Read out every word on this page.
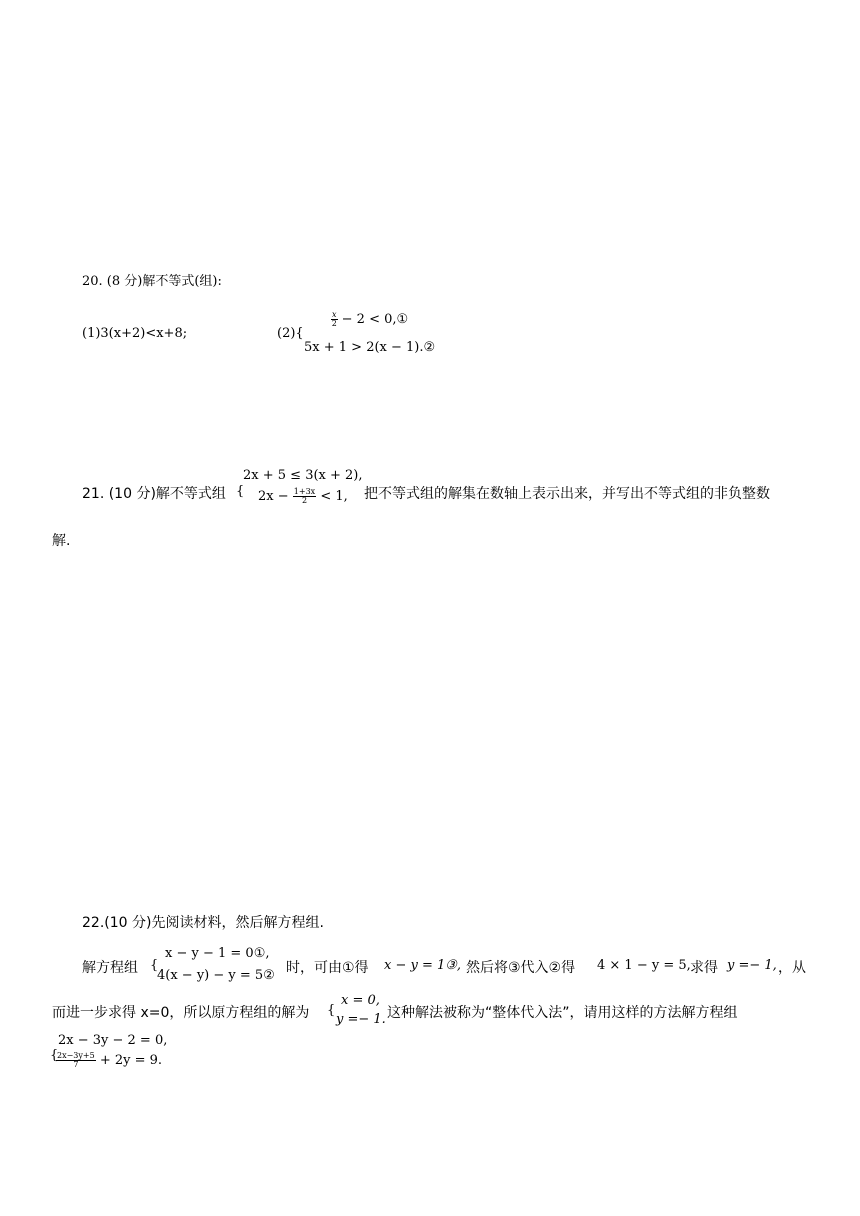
20. (8 分)解不等式(组):
(1)3(x+2)<x+8;	(2){
$\frac{x}{2} - 2$ < 0,①
5x + 1 > 2(x − 1).②
21. (10 分)解不等式组 {
2x + 5 ≤ 3(x + 2),
$2x - \frac{1+3x}{2} < 1$, 把不等式组的解集在数轴上表示出来，并写出不等式组的非负整数
解.
22.(10 分)先阅读材料，然后解方程组.
解方程组 {
x − y − 1 = 0①,
4(x − y) − y = 5② 时，可由①得 x − y = 1③, 然后将③代入②得 4 × 1 − y = 5, 求得 y =− 1, ，从
而进一步求得 x=0，所以原方程组的解为 {
x = 0,
y =− 1. 这种解法被称为“整体代入法”，请用这样的方法解方程组
{
2x − 3y − 2 = 0,
$\frac{2x-3y+5}{7} + 2y = 9$.
